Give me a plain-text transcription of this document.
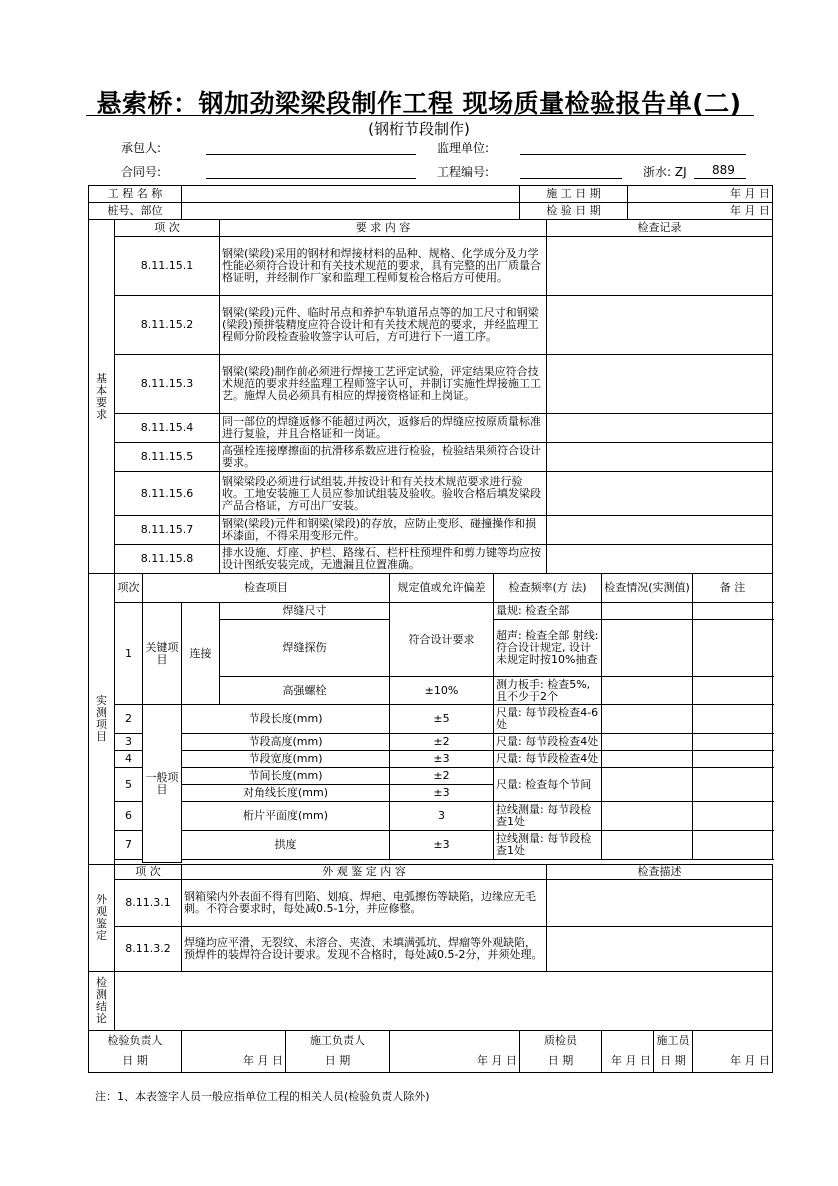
悬索桥：钢加劲梁梁段制作工程 现场质量检验报告单(二)
(钢桁节段制作)
承包人:	监理单位:
合同号:	工程编号:	浙水: ZJ 889
工 程 名 称								施 工 日 期			年 月 日		
桩号、部位								检 验 日 期			年 月 日		
基本要求	项 次			要 求 内 容					检查记录				
	8.11.15.1			钢梁(梁段)采用的钢材和焊接材料的品种、规格、化学成分及力学性能必须符合设计和有关技术规范的要求，具有完整的出厂质量合格证明，并经制作厂家和监理工程师复检合格后方可使用。									
	8.11.15.2			钢梁(梁段)元件、临时吊点和养护车轨道吊点等的加工尺寸和钢梁(梁段)预拼装精度应符合设计和有关技术规范的要求，并经监理工程师分阶段检查验收签字认可后，方可进行下一道工序。									
	8.11.15.3			钢梁(梁段)制作前必须进行焊接工艺评定试验，评定结果应符合技术规范的要求并经监理工程师签字认可，并制订实施性焊接施工工艺。施焊人员必须具有相应的焊接资格证和上岗证。									
	8.11.15.4			同一部位的焊缝返修不能超过两次，返修后的焊缝应按原质量标准进行复验，并且合格证和一岗证。									
	8.11.15.5			高强栓连接摩擦面的抗滑移系数应进行检验，检验结果须符合设计要求。									
	8.11.15.6			钢梁梁段必须进行试组装,并按设计和有关技术规范要求进行验收。工地安装施工人员应参加试组装及验收。验收合格后填发梁段产品合格证，方可出厂安装。									
	8.11.15.7			钢梁(梁段)元件和钢梁(梁段)的存放，应防止变形、碰撞操作和损坏漆面，不得采用变形元件。									
	8.11.15.8			排水设施、灯座、护栏、路缘石、栏杆柱预埋件和剪力键等均应按设计图纸安装完成，无遗漏且位置准确。									
实测项目	项次	检查项目				规定值或允许偏差	检查频率(方 法)			检查情况(实测值)			备 注
	1	关键项目	连接	焊缝尺寸		符合设计要求	量规: 检查全部						
				焊缝探伤			超声: 检查全部 射线: 符合设计规定, 设计未规定时按10%抽查						
				高强螺栓		±10%	测力板手: 检查5%, 且不少于2个						
	2	一般项目	节段长度(mm)			±5	尺量: 每节段检查4-6处						
	3		节段高度(mm)			±2	尺量: 每节段检查4处						
	4		节段宽度(mm)			±3	尺量: 每节段检查4处						
	5		节间长度(mm)			±2	尺量: 检查每个节间						
			对角线长度(mm)			±3							
	6		桁片平面度(mm)			3	拉线测量: 每节段检查1处						
	7		拱度			±3	拉线测量: 每节段检查1处						

外观鉴定	项 次		外 观 鉴 定 内 容						检查描述				
	8.11.3.1		钢箱梁内外表面不得有凹陷、划痕、焊疤、电弧擦伤等缺陷，边缘应无毛刺。不符合要求时，每处减0.5-1分，并应修整。										
	8.11.3.2		焊缝均应平滑，无裂纹、未溶合、夹渣、未填满弧坑、焊瘤等外观缺陷，预焊件的装焊符合设计要求。发现不合格时，每处减0.5-2分，并须处理。										
检测结论													
检验负责人					施工负责人			质检员				施工员	
日 期			年 月 日		日 期	年 月 日		日 期		年 月 日		日 期	年 月 日
注：1、本表签字人员一般应指单位工程的相关人员(检验负责人除外)
